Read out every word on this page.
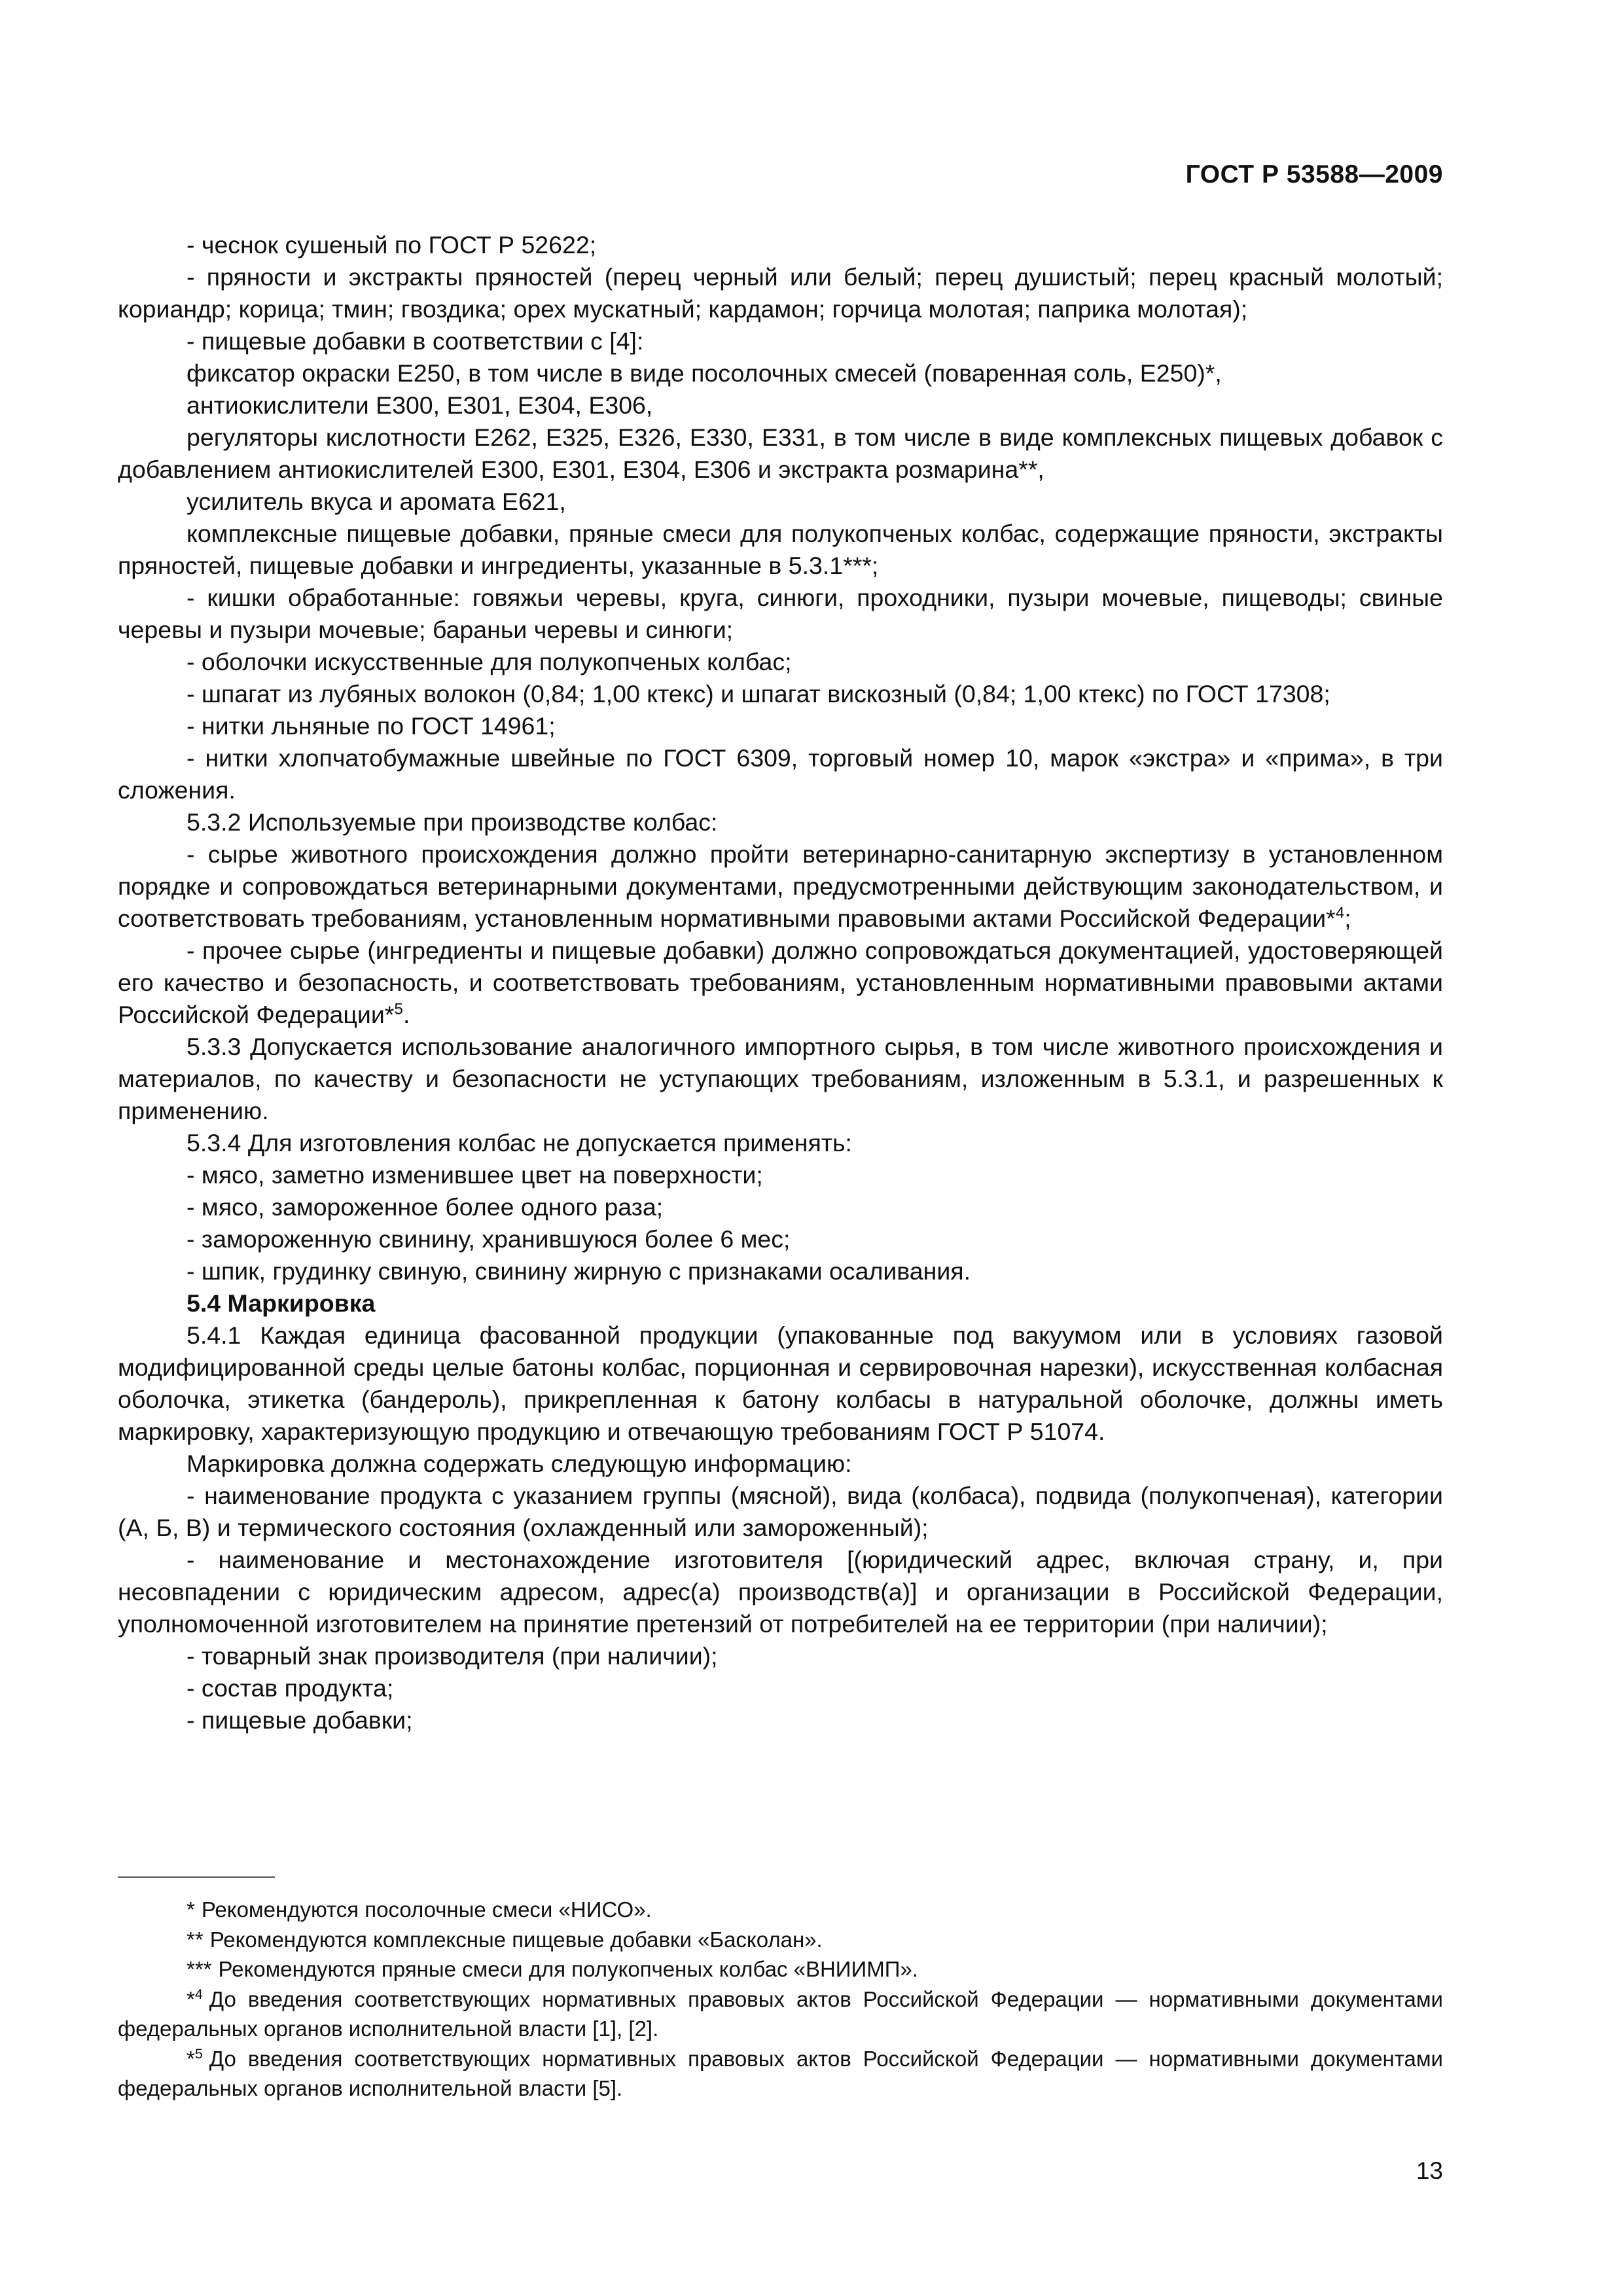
ГОСТ Р 53588—2009

- чеснок сушеный по ГОСТ Р 52622;

- пряности и экстракты пряностей (перец черный или белый; перец душистый; перец красный молотый; кориандр; корица; тмин; гвоздика; орех мускатный; кардамон; горчица молотая; паприка молотая);

- пищевые добавки в соответствии с [4]:

фиксатор окраски Е250, в том числе в виде посолочных смесей (поваренная соль, Е250)*,

антиокислители Е300, Е301, Е304, Е306,

регуляторы кислотности Е262, Е325, Е326, Е330, Е331, в том числе в виде комплексных пищевых добавок с добавлением антиокислителей Е300, Е301, Е304, Е306 и экстракта розмарина**,

усилитель вкуса и аромата Е621,

комплексные пищевые добавки, пряные смеси для полукопченых колбас, содержащие пряности, экстракты пряностей, пищевые добавки и ингредиенты, указанные в 5.3.1***;

- кишки обработанные: говяжьи черевы, круга, синюги, проходники, пузыри мочевые, пищеводы; свиные черевы и пузыри мочевые; бараньи черевы и синюги;

- оболочки искусственные для полукопченых колбас;

- шпагат из лубяных волокон (0,84; 1,00 ктекс) и шпагат вискозный (0,84; 1,00 ктекс) по ГОСТ 17308;

- нитки льняные по ГОСТ 14961;

- нитки хлопчатобумажные швейные по ГОСТ 6309, торговый номер 10, марок «экстра» и «прима», в три сложения.

5.3.2 Используемые при производстве колбас:

- сырье животного происхождения должно пройти ветеринарно-санитарную экспертизу в установленном порядке и сопровождаться ветеринарными документами, предусмотренными действующим законодательством, и соответствовать требованиям, установленным нормативными правовыми актами Российской Федерации*$^4$;

- прочее сырье (ингредиенты и пищевые добавки) должно сопровождаться документацией, удостоверяющей его качество и безопасность, и соответствовать требованиям, установленным нормативными правовыми актами Российской Федерации*$^5$.

5.3.3 Допускается использование аналогичного импортного сырья, в том числе животного происхождения и материалов, по качеству и безопасности не уступающих требованиям, изложенным в 5.3.1, и разрешенных к применению.

5.3.4 Для изготовления колбас не допускается применять:

- мясо, заметно изменившее цвет на поверхности;

- мясо, замороженное более одного раза;

- замороженную свинину, хранившуюся более 6 мес;

- шпик, грудинку свиную, свинину жирную с признаками осаливания.

5.4 Маркировка

5.4.1 Каждая единица фасованной продукции (упакованные под вакуумом или в условиях газовой модифицированной среды целые батоны колбас, порционная и сервировочная нарезки), искусственная колбасная оболочка, этикетка (бандероль), прикрепленная к батону колбасы в натуральной оболочке, должны иметь маркировку, характеризующую продукцию и отвечающую требованиям ГОСТ Р 51074.

Маркировка должна содержать следующую информацию:

- наименование продукта с указанием группы (мясной), вида (колбаса), подвида (полукопченая), категории (А, Б, В) и термического состояния (охлажденный или замороженный);

- наименование и местонахождение изготовителя [(юридический адрес, включая страну, и, при несовпадении с юридическим адресом, адрес(а) производств(а)] и организации в Российской Федерации, уполномоченной изготовителем на принятие претензий от потребителей на ее территории (при наличии);

- товарный знак производителя (при наличии);

- состав продукта;

- пищевые добавки;

* Рекомендуются посолочные смеси «НИСО».

** Рекомендуются комплексные пищевые добавки «Басколан».

*** Рекомендуются пряные смеси для полукопченых колбас «ВНИИМП».

*$^4$ До введения соответствующих нормативных правовых актов Российской Федерации — нормативными документами федеральных органов исполнительной власти [1], [2].

*$^5$ До введения соответствующих нормативных правовых актов Российской Федерации — нормативными документами федеральных органов исполнительной власти [5].

13
